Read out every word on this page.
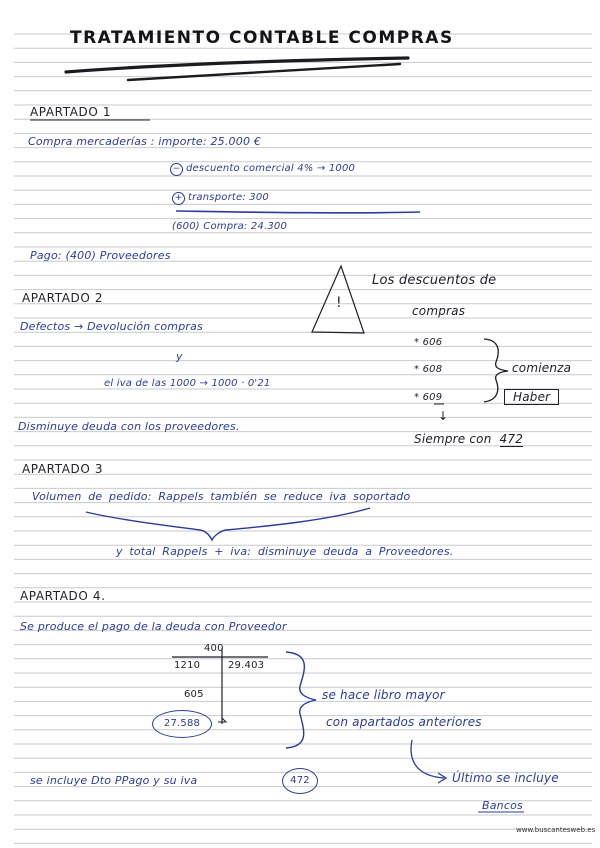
TRATAMIENTO CONTABLE COMPRAS
APARTADO 1
Compra mercaderías : importe: 25.000 €
− descuento comercial 4% → 1000
+ transporte: 300
(600) Compra: 24.300
Pago: (400) Proveedores
APARTADO 2
Defectos → Devolución compras
y
el iva de las 1000 → 1000 · 0'21
Disminuye deuda con los proveedores.
!
Los descuentos de
compras
* 606
* 608
* 609
comienza
Haber
↓
Siempre con 472
APARTADO 3
Volumen de pedido: Rappels también se reduce iva soportado
y total Rappels + iva: disminuye deuda a Proveedores.
APARTADO 4.
Se produce el pago de la deuda con Proveedor
400
1210	29.403
605
27.588
se hace libro mayor
con apartados anteriores
se incluye Dto PPago y su iva	472	Último se incluye
Bancos
www.buscantesweb.es
